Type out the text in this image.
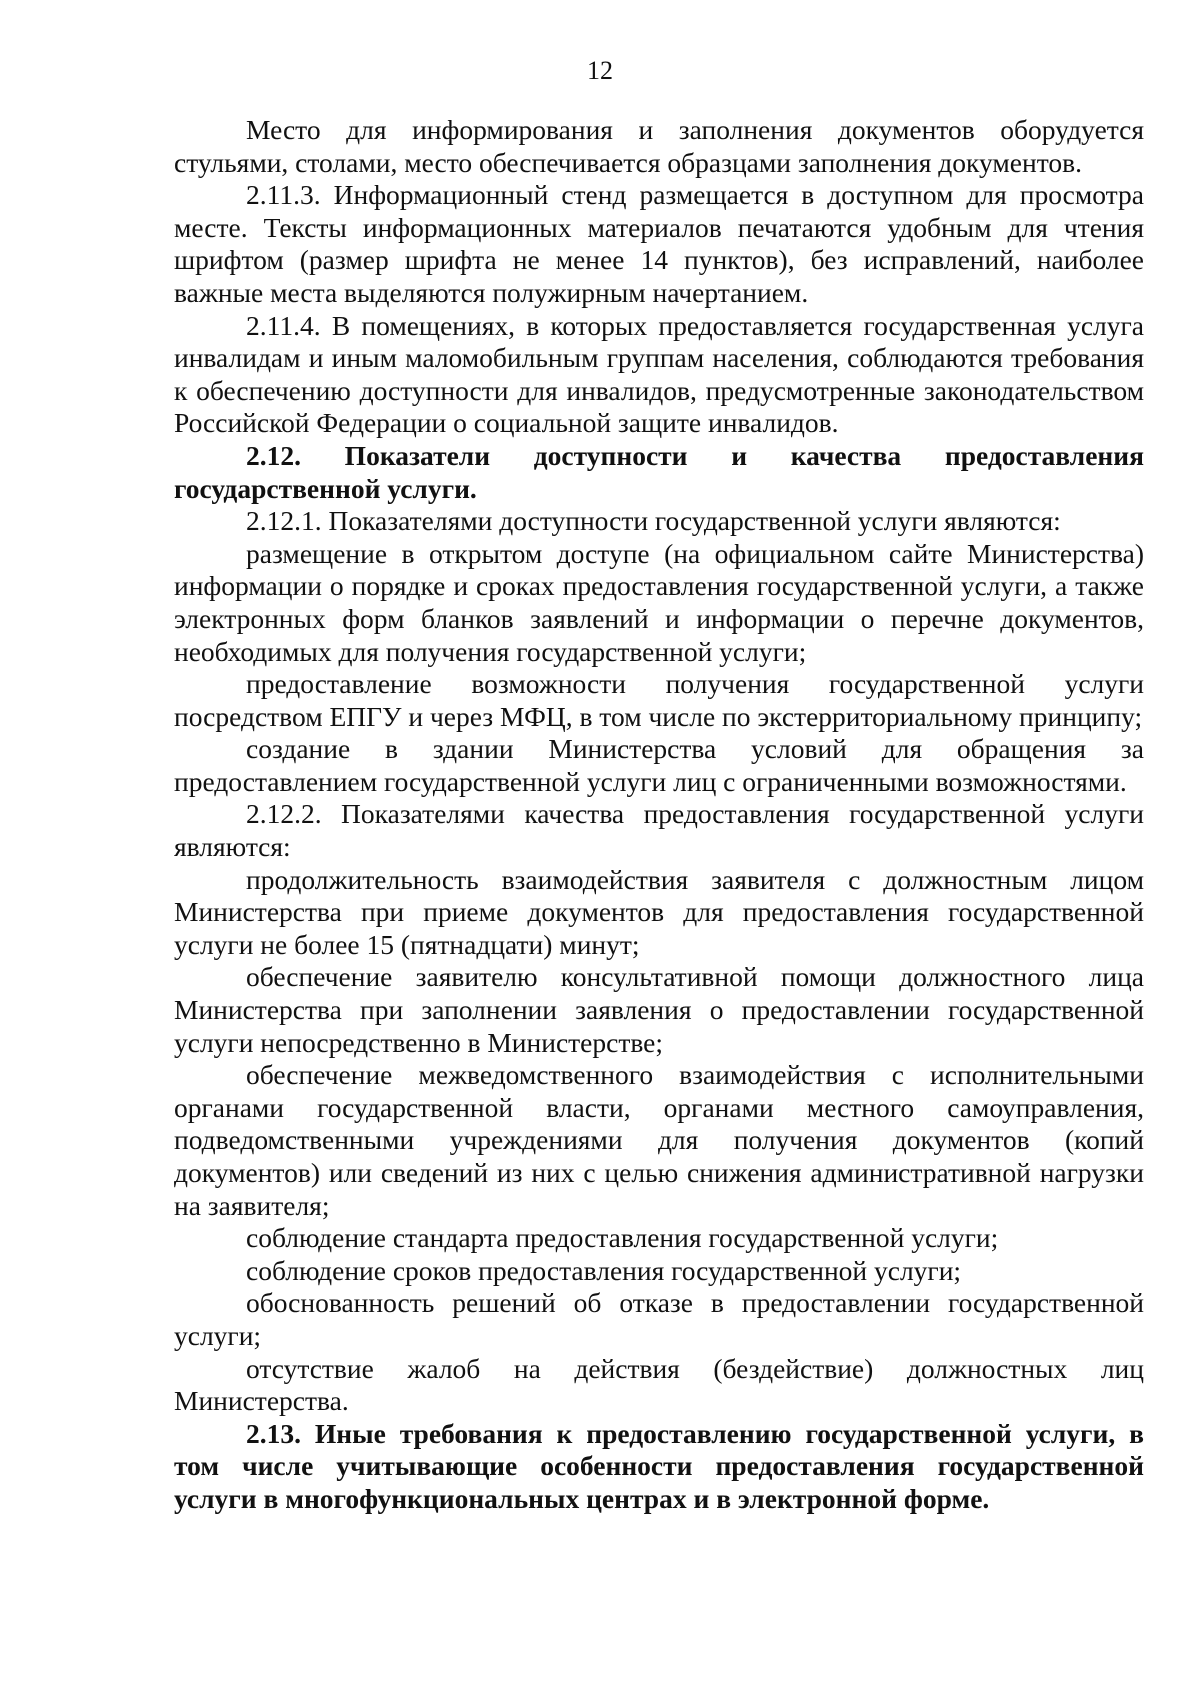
12

Место для информирования и заполнения документов оборудуется стульями, столами, место обеспечивается образцами заполнения документов.

2.11.3. Информационный стенд размещается в доступном для просмотра месте. Тексты информационных материалов печатаются удобным для чтения шрифтом (размер шрифта не менее 14 пунктов), без исправлений, наиболее важные места выделяются полужирным начертанием.

2.11.4. В помещениях, в которых предоставляется государственная услуга инвалидам и иным маломобильным группам населения, соблюдаются требования к обеспечению доступности для инвалидов, предусмотренные законодательством Российской Федерации о социальной защите инвалидов.

2.12. Показатели доступности и качества предоставления государственной услуги.

2.12.1. Показателями доступности государственной услуги являются:

размещение в открытом доступе (на официальном сайте Министерства) информации о порядке и сроках предоставления государственной услуги, а также электронных форм бланков заявлений и информации о перечне документов, необходимых для получения государственной услуги;

предоставление возможности получения государственной услуги посредством ЕПГУ и через МФЦ, в том числе по экстерриториальному принципу;

создание в здании Министерства условий для обращения за предоставлением государственной услуги лиц с ограниченными возможностями.

2.12.2. Показателями качества предоставления государственной услуги являются:

продолжительность взаимодействия заявителя с должностным лицом Министерства при приеме документов для предоставления государственной услуги не более 15 (пятнадцати) минут;

обеспечение заявителю консультативной помощи должностного лица Министерства при заполнении заявления о предоставлении государственной услуги непосредственно в Министерстве;

обеспечение межведомственного взаимодействия с исполнительными органами государственной власти, органами местного самоуправления, подведомственными учреждениями для получения документов (копий документов) или сведений из них с целью снижения административной нагрузки на заявителя;

соблюдение стандарта предоставления государственной услуги;

соблюдение сроков предоставления государственной услуги;

обоснованность решений об отказе в предоставлении государственной услуги;

отсутствие жалоб на действия (бездействие) должностных лиц Министерства.

2.13. Иные требования к предоставлению государственной услуги, в том числе учитывающие особенности предоставления государственной услуги в многофункциональных центрах и в электронной форме.
